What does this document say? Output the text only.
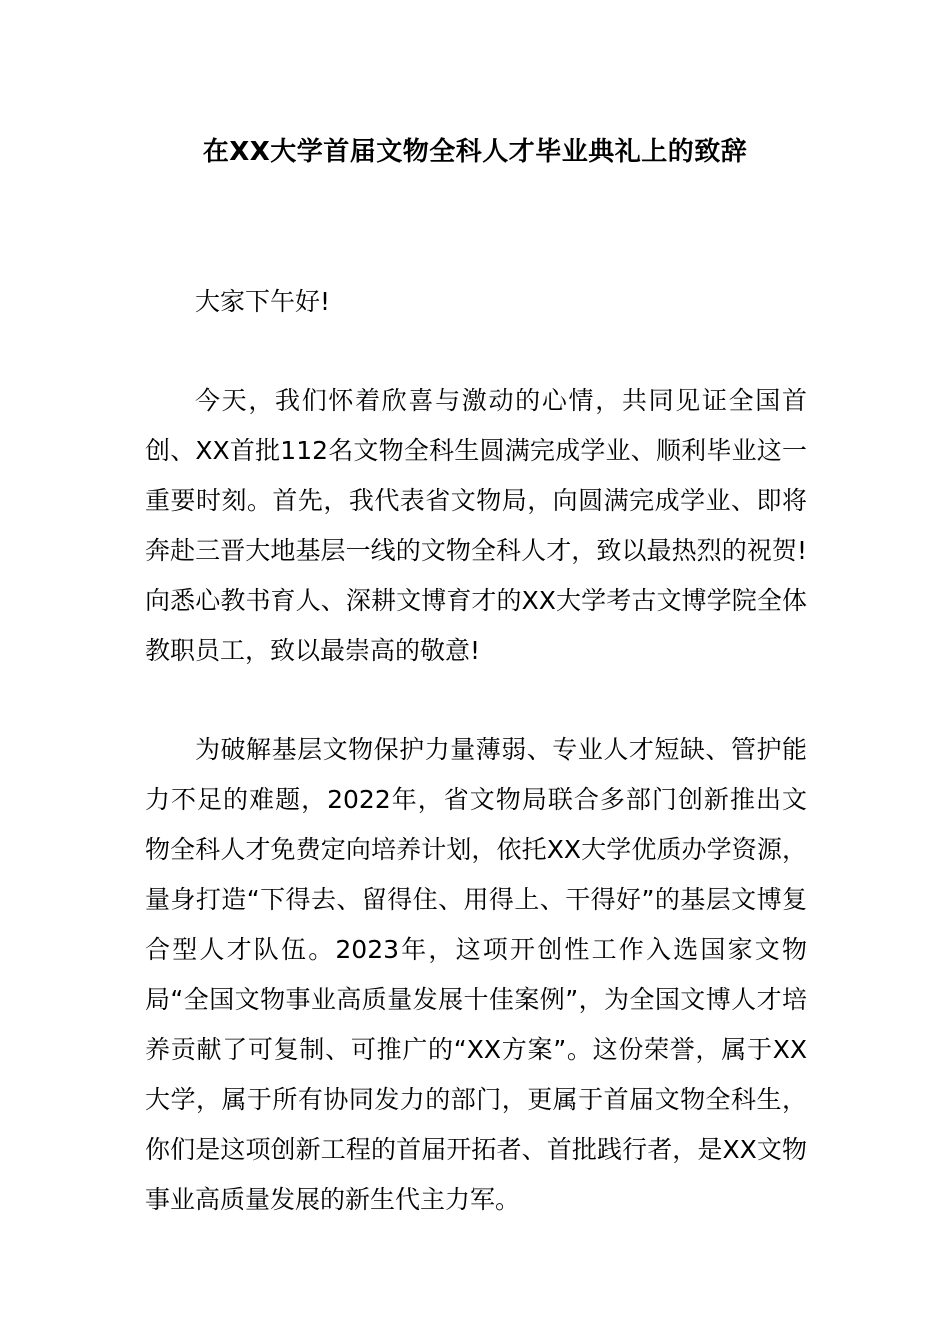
在XX大学首届文物全科人才毕业典礼上的致辞
大家下午好!
今天，我们怀着欣喜与激动的心情，共同见证全国首创、XX首批112名文物全科生圆满完成学业、顺利毕业这一重要时刻。首先，我代表省文物局，向圆满完成学业、即将奔赴三晋大地基层一线的文物全科人才，致以最热烈的祝贺!向悉心教书育人、深耕文博育才的XX大学考古文博学院全体教职员工，致以最崇高的敬意!
为破解基层文物保护力量薄弱、专业人才短缺、管护能力不足的难题，2022年，省文物局联合多部门创新推出文物全科人才免费定向培养计划，依托XX大学优质办学资源，量身打造“下得去、留得住、用得上、干得好”的基层文博复合型人才队伍。2023年，这项开创性工作入选国家文物局“全国文物事业高质量发展十佳案例”，为全国文博人才培养贡献了可复制、可推广的“XX方案”。这份荣誉，属于XX大学，属于所有协同发力的部门，更属于首届文物全科生，你们是这项创新工程的首届开拓者、首批践行者，是XX文物事业高质量发展的新生代主力军。
